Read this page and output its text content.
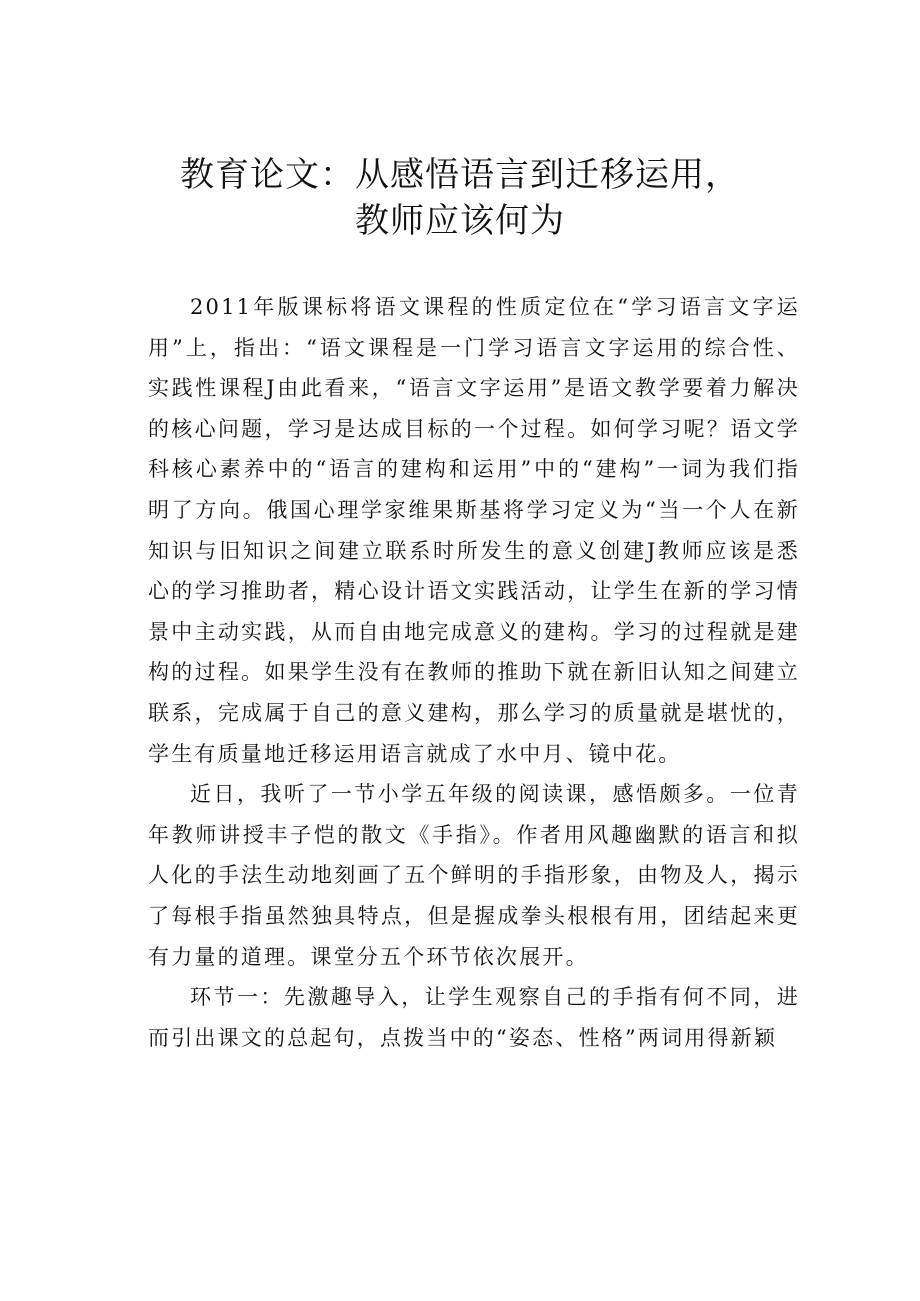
教育论文：从感悟语言到迁移运用，
教师应该何为

2011年版课标将语文课程的性质定位在“学习语言文字运用”上，指出：“语文课程是一门学习语言文字运用的综合性、实践性课程J由此看来，“语言文字运用”是语文教学要着力解决的核心问题，学习是达成目标的一个过程。如何学习呢？语文学科核心素养中的“语言的建构和运用”中的“建构”一词为我们指明了方向。俄国心理学家维果斯基将学习定义为“当一个人在新知识与旧知识之间建立联系时所发生的意义创建J教师应该是悉心的学习推助者，精心设计语文实践活动，让学生在新的学习情景中主动实践，从而自由地完成意义的建构。学习的过程就是建构的过程。如果学生没有在教师的推助下就在新旧认知之间建立联系，完成属于自己的意义建构，那么学习的质量就是堪忧的，学生有质量地迁移运用语言就成了水中月、镜中花。

近日，我听了一节小学五年级的阅读课，感悟颇多。一位青年教师讲授丰子恺的散文《手指》。作者用风趣幽默的语言和拟人化的手法生动地刻画了五个鲜明的手指形象，由物及人，揭示了每根手指虽然独具特点，但是握成拳头根根有用，团结起来更有力量的道理。课堂分五个环节依次展开。

环节一：先激趣导入，让学生观察自己的手指有何不同，进而引出课文的总起句，点拨当中的“姿态、性格”两词用得新颖
